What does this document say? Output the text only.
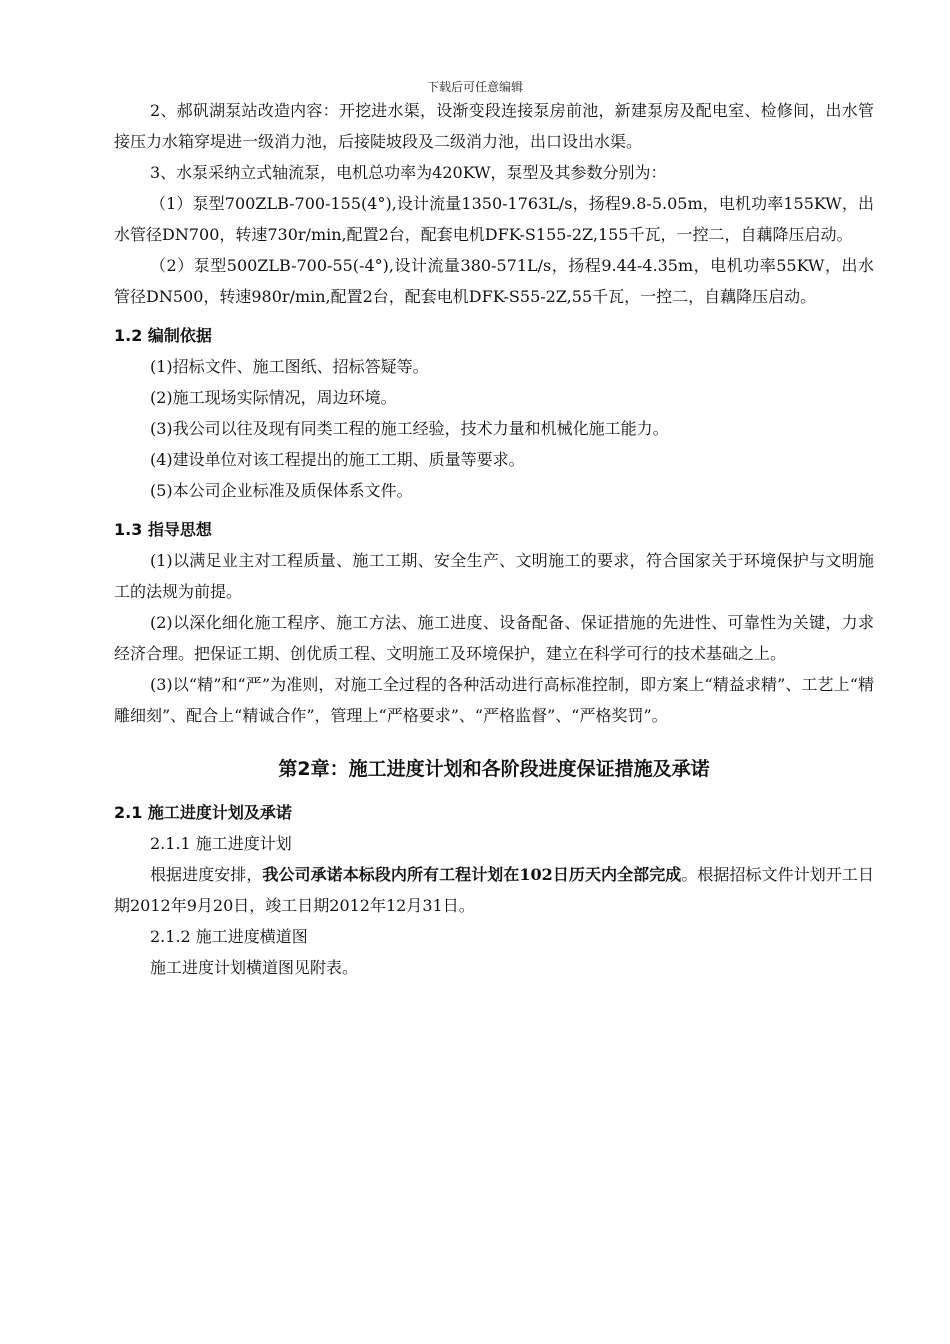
下载后可任意编辑

2、郝矾湖泵站改造内容：开挖进水渠，设渐变段连接泵房前池，新建泵房及配电室、检修间，出水管接压力水箱穿堤进一级消力池，后接陡坡段及二级消力池，出口设出水渠。

3、水泵采纳立式轴流泵，电机总功率为420KW，泵型及其参数分别为：

（1）泵型700ZLB-700-155(4°),设计流量1350-1763L/s，扬程9.8-5.05m，电机功率155KW，出水管径DN700，转速730r/min,配置2台，配套电机DFK-S155-2Z,155千瓦，一控二，自藕降压启动。

（2）泵型500ZLB-700-55(-4°),设计流量380-571L/s，扬程9.44-4.35m，电机功率55KW，出水管径DN500，转速980r/min,配置2台，配套电机DFK-S55-2Z,55千瓦，一控二，自藕降压启动。

1.2 编制依据

(1)招标文件、施工图纸、招标答疑等。

(2)施工现场实际情况，周边环境。

(3)我公司以往及现有同类工程的施工经验，技术力量和机械化施工能力。

(4)建设单位对该工程提出的施工工期、质量等要求。

(5)本公司企业标准及质保体系文件。

1.3 指导思想

(1)以满足业主对工程质量、施工工期、安全生产、文明施工的要求，符合国家关于环境保护与文明施工的法规为前提。

(2)以深化细化施工程序、施工方法、施工进度、设备配备、保证措施的先进性、可靠性为关键，力求经济合理。把保证工期、创优质工程、文明施工及环境保护，建立在科学可行的技术基础之上。

(3)以“精”和“严”为准则，对施工全过程的各种活动进行高标准控制，即方案上“精益求精”、工艺上“精雕细刻”、配合上“精诚合作”，管理上“严格要求”、“严格监督”、“严格奖罚”。

第2章：施工进度计划和各阶段进度保证措施及承诺
2.1 施工进度计划及承诺

2.1.1 施工进度计划

根据进度安排，我公司承诺本标段内所有工程计划在102日历天内全部完成。根据招标文件计划开工日期2012年9月20日，竣工日期2012年12月31日。

2.1.2 施工进度横道图

施工进度计划横道图见附表。
